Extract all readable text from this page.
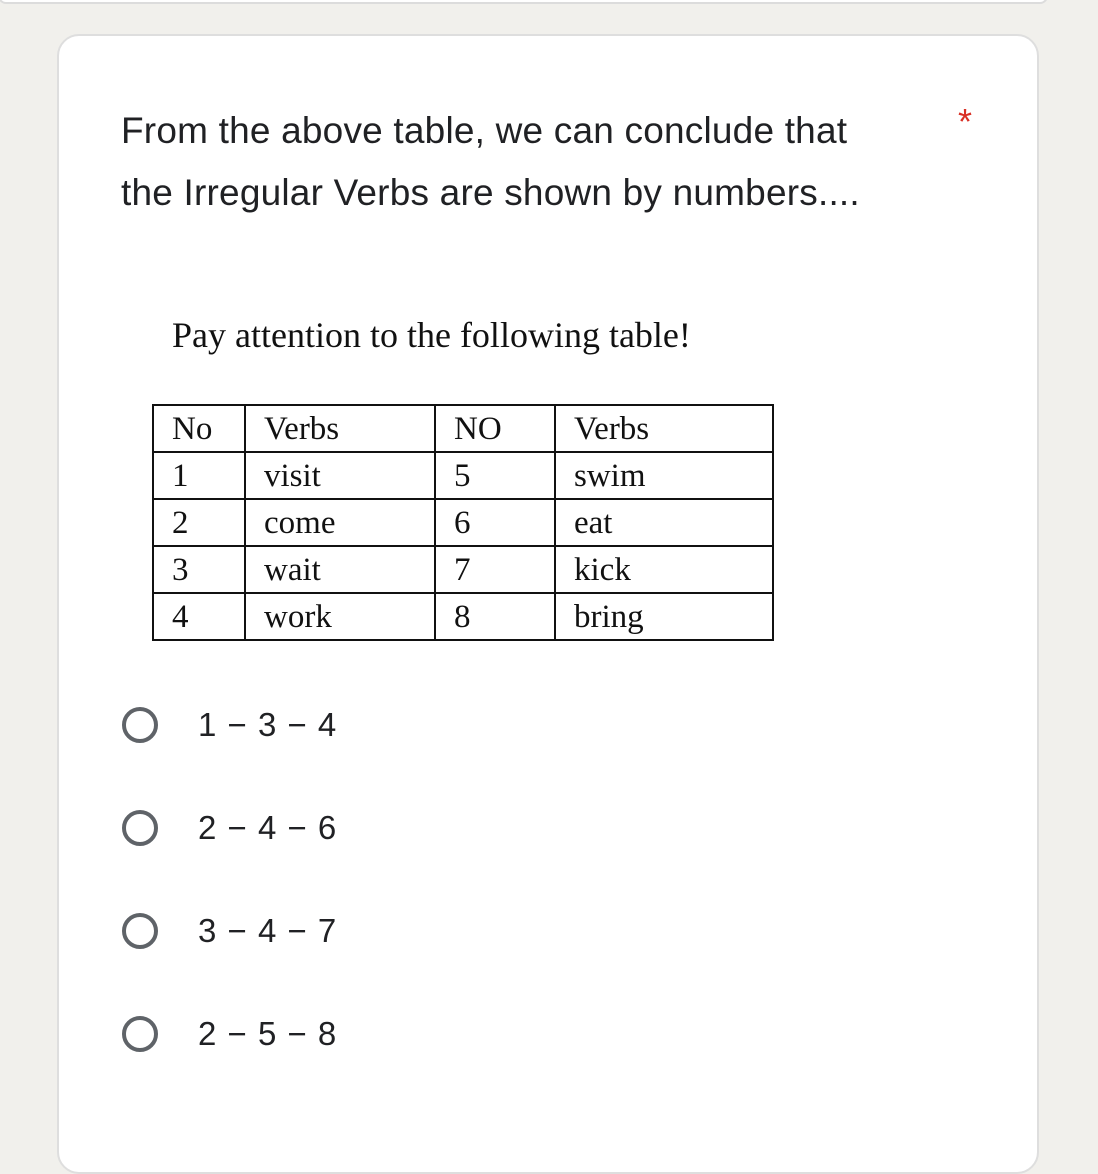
From the above table, we can conclude that
the Irregular Verbs are shown by numbers....
*
Pay attention to the following table!
No	Verbs	NO	Verbs
1	visit	5	swim
2	come	6	eat
3	wait	7	kick
4	work	8	bring
1 − 3 − 4
2 − 4 − 6
3 − 4 − 7
2 − 5 − 8
